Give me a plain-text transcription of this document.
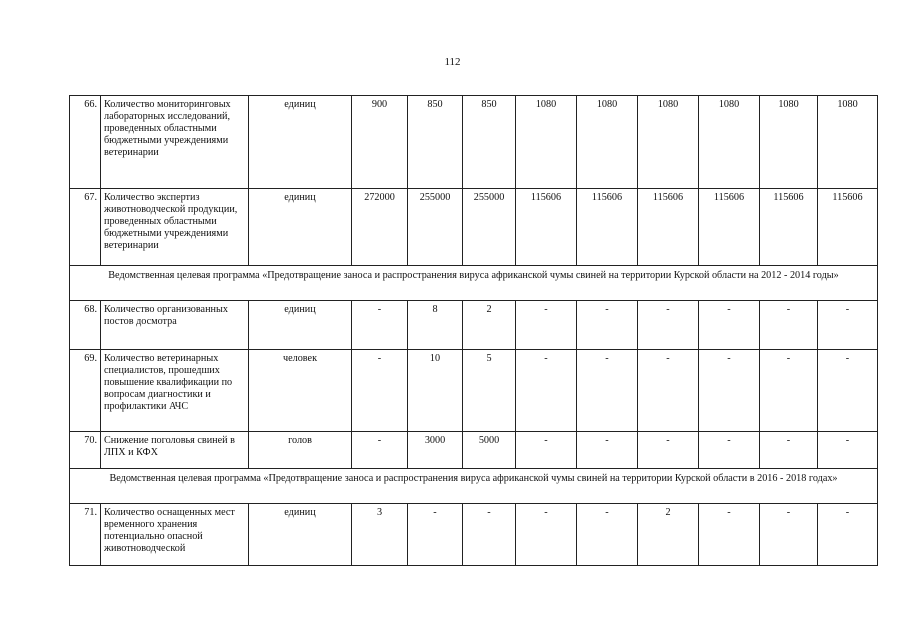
112
66.	Количество мониторинговых лабораторных исследований, проведенных областными бюджетными учреждениями ветеринарии	единиц	900	850	850	1080	1080	1080	1080	1080	1080
67.	Количество экспертиз животноводческой продукции, проведенных областными бюджетными учреждениями ветеринарии	единиц	272000	255000	255000	115606	115606	115606	115606	115606	115606
Ведомственная целевая программа «Предотвращение заноса и распространения вируса африканской чумы свиней на территории Курской области на 2012 - 2014 годы»											
68.	Количество организованных постов досмотра	единиц	-	8	2	-	-	-	-	-	-
69.	Количество ветеринарных специалистов, прошедших повышение квалификации по вопросам диагностики и профилактики АЧС	человек	-	10	5	-	-	-	-	-	-
70.	Снижение поголовья свиней в ЛПХ и КФХ	голов	-	3000	5000	-	-	-	-	-	-
Ведомственная целевая программа «Предотвращение заноса и распространения вируса африканской чумы свиней на территории Курской области в 2016 - 2018 годах»											
71.	Количество оснащенных мест временного хранения потенциально опасной животноводческой	единиц	3	-	-	-	-	2	-	-	-
